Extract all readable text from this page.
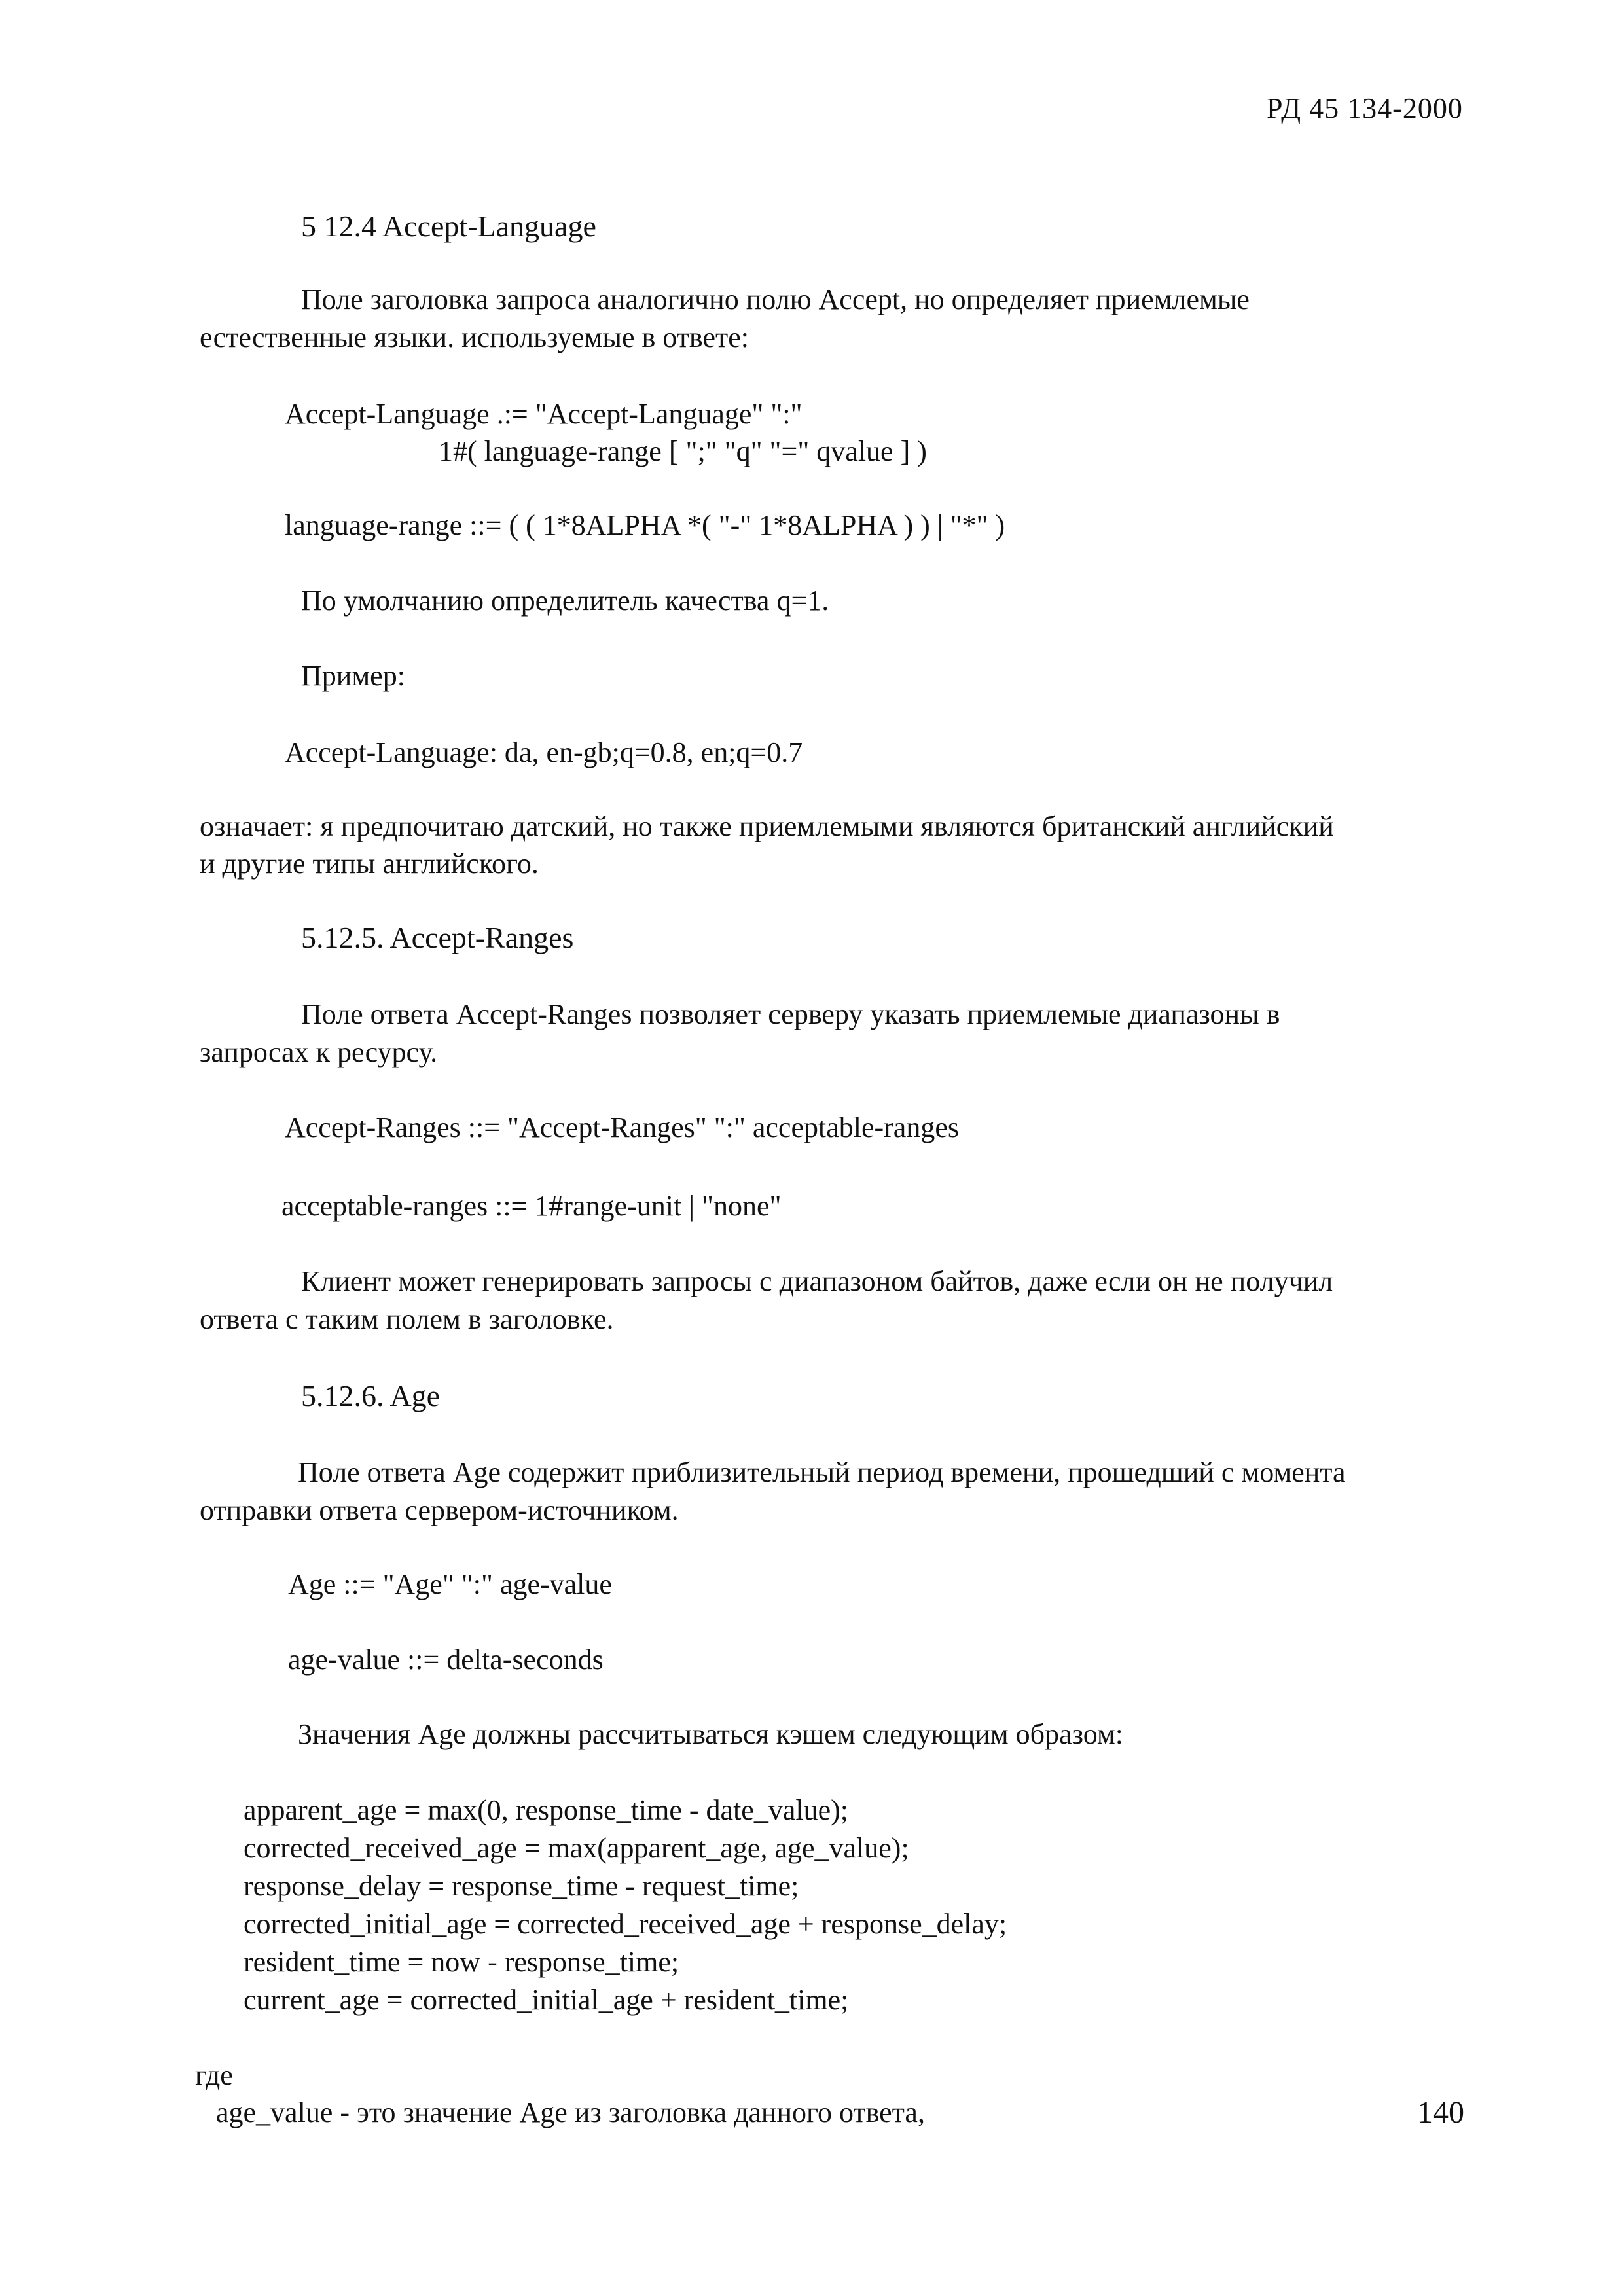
РД 45 134-2000
5 12.4 Accept-Language
Поле заголовка запроса аналогично полю Accept, но определяет приемлемые
естественные языки. используемые в ответе:
Accept-Language .:= "Accept-Language" ":"
1#( language-range [ ";" "q" "=" qvalue ] )
language-range ::= ( ( 1*8ALPHA *( "-" 1*8ALPHA ) ) | "*" )
По умолчанию определитель качества q=1.
Пример:
Accept-Language: da, en-gb;q=0.8, en;q=0.7
означает: я предпочитаю датский, но также приемлемыми являются британский английский
и другие типы английского.
5.12.5. Accept-Ranges
Поле ответа Accept-Ranges позволяет серверу указать приемлемые диапазоны в
запросах к ресурсу.
Accept-Ranges ::= "Accept-Ranges" ":" acceptable-ranges
acceptable-ranges ::= 1#range-unit | "none"
Клиент может генерировать запросы с диапазоном байтов, даже если он не получил
ответа с таким полем в заголовке.
5.12.6. Age
Поле ответа Age содержит приблизительный период времени, прошедший с момента
отправки ответа сервером-источником.
Age ::= "Age" ":" age-value
age-value ::= delta-seconds
Значения Age должны рассчитываться кэшем следующим образом:
apparent_age = max(0, response_time - date_value);
corrected_received_age = max(apparent_age, age_value);
response_delay = response_time - request_time;
corrected_initial_age = corrected_received_age + response_delay;
resident_time = now - response_time;
current_age = corrected_initial_age + resident_time;
где
age_value - это значение Age из заголовка данного ответа,	140
